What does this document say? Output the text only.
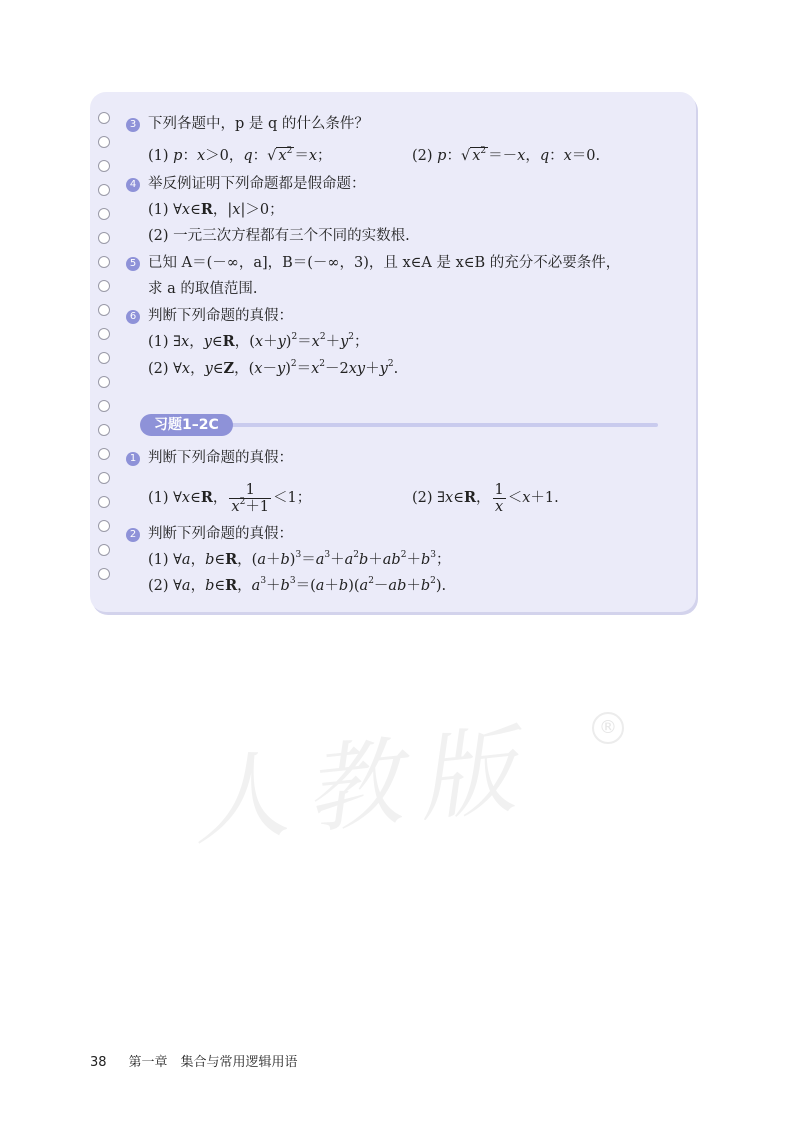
3 下列各题中，p 是 q 的什么条件？
(1) p：x＞0，q：√ $x^2 =x$；	(2) p：√ $x^2 =-x$，q：x＝0.
4 举反例证明下列命题都是假命题：
(1) ∀x∈R，|x|＞0；
(2) 一元三次方程都有三个不同的实数根.
5 已知 A＝(－∞，a]，B＝(－∞，3)，且 x∈A 是 x∈B 的充分不必要条件，
求 a 的取值范围.
6 判断下列命题的真假：
(1) ∃x，y∈R，$(x+y)^2=x^2+y^2$；
(2) ∀x，y∈Z，$(x-y)^2=x^2-2xy+y^2$.
习题1–2C
1 判断下列命题的真假：
(1) ∀x∈R， $\frac{1}{x^2+1} <1$；	(2) ∃x∈R， $\frac{1}{x} <x+1$.
2 判断下列命题的真假：
(1) ∀a，b∈R，$(a+b)^3=a^3+a^2b+ab^2+b^3$；
(2) ∀a，b∈R，$a^3+b^3=(a+b)(a^2-ab+b^2)$.
人教版	®
38 第一章　集合与常用逻辑用语
